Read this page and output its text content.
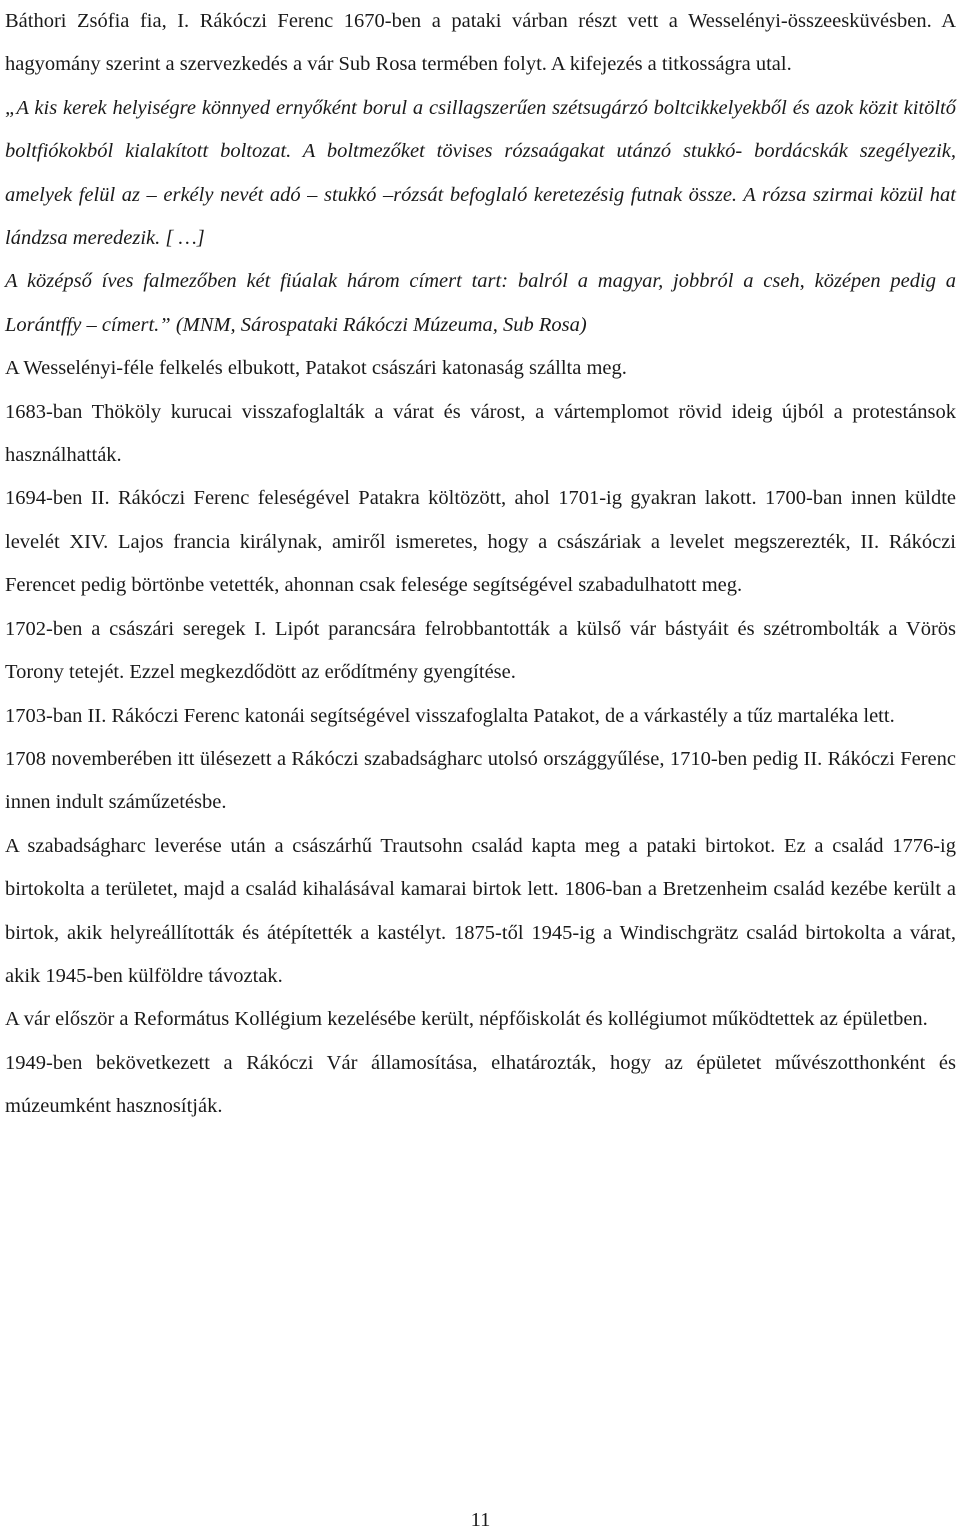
Báthori Zsófia fia, I. Rákóczi Ferenc 1670-ben a pataki várban részt vett a Wesselényi-összeesküvésben. A hagyomány szerint a szervezkedés a vár Sub Rosa termében folyt. A kifejezés a titkosságra utal.

„A kis kerek helyiségre könnyed ernyőként borul a csillagszerűen szétsugárzó boltcikkelyekből és azok közit kitöltő boltfiókokból kialakított boltozat. A boltmezőket tövises rózsaágakat utánzó stukkó- bordácskák szegélyezik, amelyek felül az – erkély nevét adó – stukkó –rózsát befoglaló keretezésig futnak össze. A rózsa szirmai közül hat lándzsa meredezik. [ …]

A középső íves falmezőben két fiúalak három címert tart: balról a magyar, jobbról a cseh, középen pedig a Lorántffy – címert.” (MNM, Sárospataki Rákóczi Múzeuma, Sub Rosa)

A Wesselényi-féle felkelés elbukott, Patakot császári katonaság szállta meg.

1683-ban Thököly kurucai visszafoglalták a várat és várost, a vártemplomot rövid ideig újból a protestánsok használhatták.

1694-ben II. Rákóczi Ferenc feleségével Patakra költözött, ahol 1701-ig gyakran lakott. 1700-ban innen küldte levelét XIV. Lajos francia királynak, amiről ismeretes, hogy a császáriak a levelet megszerezték, II. Rákóczi Ferencet pedig börtönbe vetették, ahonnan csak felesége segítségével szabadulhatott meg.

1702-ben a császári seregek I. Lipót parancsára felrobbantották a külső vár bástyáit és szétrombolták a Vörös Torony tetejét. Ezzel megkezdődött az erődítmény gyengítése.

1703-ban II. Rákóczi Ferenc katonái segítségével visszafoglalta Patakot, de a várkastély a tűz martaléka lett.

1708 novemberében itt ülésezett a Rákóczi szabadságharc utolsó országgyűlése, 1710-ben pedig II. Rákóczi Ferenc innen indult száműzetésbe.

A szabadságharc leverése után a császárhű Trautsohn család kapta meg a pataki birtokot. Ez a család 1776-ig birtokolta a területet, majd a család kihalásával kamarai birtok lett. 1806-ban a Bretzenheim család kezébe került a birtok, akik helyreállították és átépítették a kastélyt. 1875-től 1945-ig a Windischgrätz család birtokolta a várat, akik 1945-ben külföldre távoztak.

A vár először a Református Kollégium kezelésébe került, népfőiskolát és kollégiumot működtettek az épületben.

1949-ben bekövetkezett a Rákóczi Vár államosítása, elhatározták, hogy az épületet művészotthonként és múzeumként hasznosítják.

11
